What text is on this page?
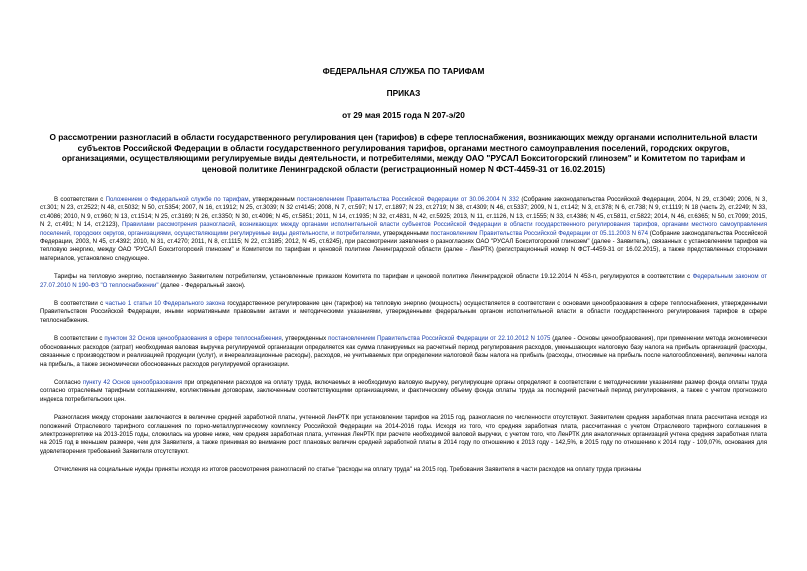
ФЕДЕРАЛЬНАЯ СЛУЖБА ПО ТАРИФАМ
ПРИКАЗ
от 29 мая 2015 года N 207-э/20
О рассмотрении разногласий в области государственного регулирования цен (тарифов) в сфере теплоснабжения, возникающих между органами исполнительной власти субъектов Российской Федерации в области государственного регулирования тарифов, органами местного самоуправления поселений, городских округов, организациями, осуществляющими регулируемые виды деятельности, и потребителями, между ОАО "РУСАЛ Бокситогорский глинозем" и Комитетом по тарифам и ценовой политике Ленинградской области (регистрационный номер N ФСТ-4459-31 от 16.02.2015)

В соответствии с Положением о Федеральной службе по тарифам, утвержденным постановлением Правительства Российской Федерации от 30.06.2004 N 332 (Собрание законодательства Российской Федерации, 2004, N 29, ст.3049; 2006, N 3, ст.301; N 23, ст.2522; N 48, ст.5032; N 50, ст.5354; 2007, N 16, ст.1912; N 25, ст.3039; N 32 ст4145; 2008, N 7, ст.597; N 17, ст.1897; N 23, ст.2719; N 38, ст.4309; N 46, ст.5337; 2009, N 1, ст.142; N 3, ст.378; N 6, ст.738; N 9, ст.1119; N 18 (часть 2), ст.2249; N 33, ст.4086; 2010, N 9, ст.960; N 13, ст.1514; N 25, ст.3169; N 26, ст.3350; N 30, ст.4096; N 45, ст.5851; 2011, N 14, ст.1935; N 32, ст.4831, N 42, ст.5925; 2013, N 11, ст.1126, N 13, ст.1555; N 33, ст.4386; N 45, ст.5811, ст.5822; 2014, N 46, ст.6365; N 50, ст.7099; 2015, N 2, ст.491; N 14, ст.2123), Правилами рассмотрения разногласий, возникающих между органами исполнительной власти субъектов Российской Федерации в области государственного регулирования тарифов, органами местного самоуправления поселений, городских округов, организациями, осуществляющими регулируемые виды деятельности, и потребителями, утвержденными постановлением Правительства Российской Федерации от 05.11.2003 N 674 (Собрание законодательства Российской Федерации, 2003, N 45, ст.4392; 2010, N 31, ст.4270; 2011, N 8, ст.1115; N 22, ст.3185; 2012, N 45, ст.6245), при рассмотрении заявления о разногласиях ОАО "РУСАЛ Бокситогорский глинозем" (далее - Заявитель), связанных с установлением тарифов на тепловую энергию, между ОАО "РУСАЛ Бокситогорский глинозем" и Комитетом по тарифам и ценовой политике Ленинградской области (далее - ЛенРТК) (регистрационный номер N ФСТ-4459-31 от 16.02.2015), а также представленных сторонами материалов, установлено следующее.

Тарифы на тепловую энергию, поставляемую Заявителем потребителям, установленные приказом Комитета по тарифам и ценовой политике Ленинградской области 19.12.2014 N 453-п, регулируются в соответствии с Федеральным законом от 27.07.2010 N 190-ФЗ "О теплоснабжении" (далее - Федеральный закон).

В соответствии с частью 1 статьи 10 Федерального закона государственное регулирование цен (тарифов) на тепловую энергию (мощность) осуществляется в соответствии с основами ценообразования в сфере теплоснабжения, утвержденными Правительством Российской Федерации, иными нормативными правовыми актами и методическими указаниями, утвержденными федеральным органом исполнительной власти в области государственного регулирования тарифов в сфере теплоснабжения.

В соответствии с пунктом 32 Основ ценообразования в сфере теплоснабжения, утвержденных постановлением Правительства Российской Федерации от 22.10.2012 N 1075 (далее - Основы ценообразования), при применении метода экономически обоснованных расходов (затрат) необходимая валовая выручка регулируемой организации определяется как сумма планируемых на расчетный период регулирования расходов, уменьшающих налоговую базу налога на прибыль организаций (расходы, связанные с производством и реализацией продукции (услуг), и внереализационные расходы), расходов, не учитываемых при определении налоговой базы налога на прибыль (расходы, относимые на прибыль после налогообложения), величины налога на прибыль, а также экономически обоснованных расходов регулируемой организации.

Согласно пункту 42 Основ ценообразования при определении расходов на оплату труда, включаемых в необходимую валовую выручку, регулирующие органы определяют в соответствии с методическими указаниями размер фонда оплаты труда согласно отраслевым тарифным соглашениям, коллективным договорам, заключенным соответствующими организациями, и фактическому объему фонда оплаты труда за последний расчетный период регулирования, а также с учетом прогнозного индекса потребительских цен.

Разногласия между сторонами заключаются в величине средней заработной платы, учтенной ЛенРТК при установлении тарифов на 2015 год, разногласия по численности отсутствуют. Заявителем средняя заработная плата рассчитана исходя из положений Отраслевого тарифного соглашения по горно-металлургическому комплексу Российской Федерации на 2014-2016 годы. Исходя из того, что средняя заработная плата, рассчитанная с учетом Отраслевого тарифного соглашения в электроэнергетике на 2013-2015 годы, сложилась на уровне ниже, чем средняя заработная плата, учтенная ЛенРТК при расчете необходимой валовой выручки, с учетом того, что ЛенРТК для аналогичных организаций учтена средняя заработная плата на 2015 год в меньшем размере, чем для Заявителя, а также принимая во внимание рост плановых величин средней заработной платы в 2014 году по отношению к 2013 году - 142,5%, в 2015 году по отношению к 2014 году - 109,07%, основания для удовлетворения требований Заявителя отсутствуют.

Отчисления на социальные нужды приняты исходя из итогов рассмотрения разногласий по статье "расходы на оплату труда" на 2015 год. Требования Заявителя в части расходов на оплату труда признаны
